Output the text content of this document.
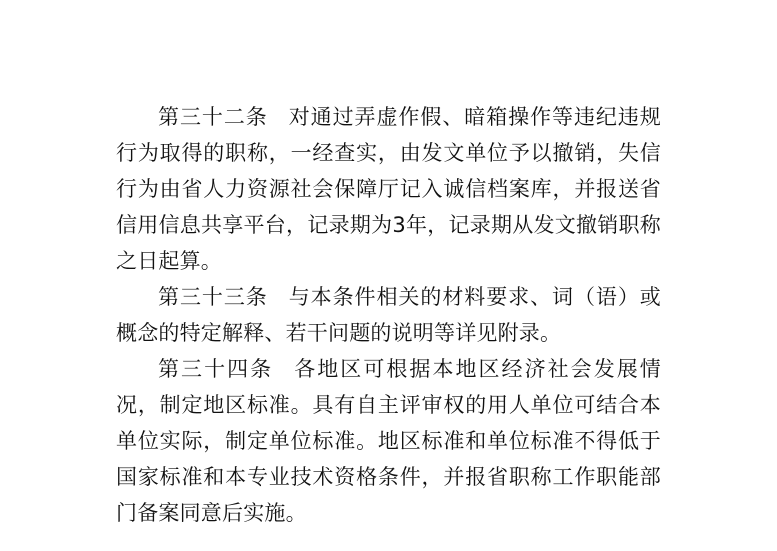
第三十二条 对通过弄虚作假、暗箱操作等违纪违规行为取得的职称，一经查实，由发文单位予以撤销，失信行为由省人力资源社会保障厅记入诚信档案库，并报送省信用信息共享平台，记录期为3年，记录期从发文撤销职称之日起算。

第三十三条 与本条件相关的材料要求、词（语）或概念的特定解释、若干问题的说明等详见附录。

第三十四条 各地区可根据本地区经济社会发展情况，制定地区标准。具有自主评审权的用人单位可结合本单位实际，制定单位标准。地区标准和单位标准不得低于国家标准和本专业技术资格条件，并报省职称工作职能部门备案同意后实施。
